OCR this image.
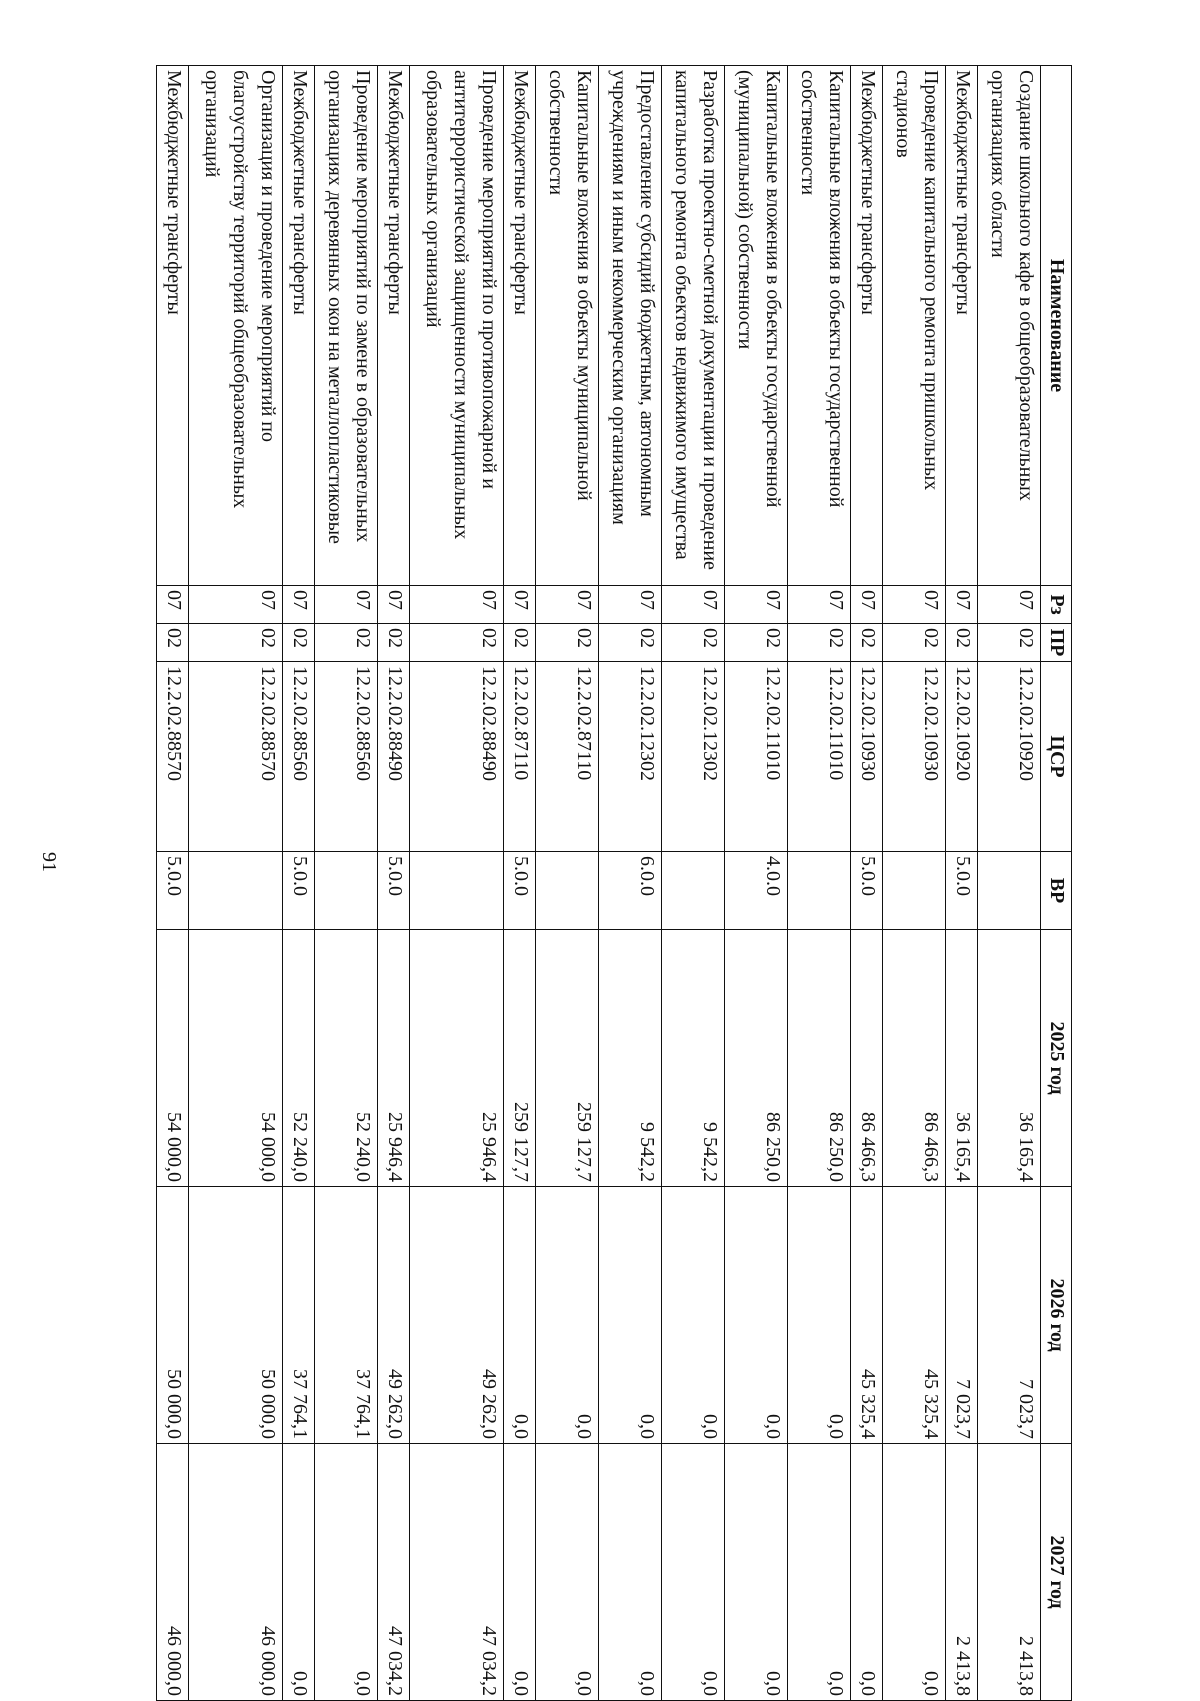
91
Наименование	Рз	ПР	ЦСР	ВР	2025 год	2026 год	2027 год
Создание школьного кафе в общеобразовательных организациях области	07	02	12.2.02.10920		36 165,4	7 023,7	2 413,8
Межбюджетные трансферты	07	02	12.2.02.10920	5.0.0	36 165,4	7 023,7	2 413,8
Проведение капитального ремонта пришкольных стадионов	07	02	12.2.02.10930		86 466,3	45 325,4	0,0
Межбюджетные трансферты	07	02	12.2.02.10930	5.0.0	86 466,3	45 325,4	0,0
Капитальные вложения в объекты государственной собственности	07	02	12.2.02.11010		86 250,0	0,0	0,0
Капитальные вложения в объекты государственной (муниципальной) собственности	07	02	12.2.02.11010	4.0.0	86 250,0	0,0	0,0
Разработка проектно-сметной документации и проведение капитального ремонта объектов недвижимого имущества	07	02	12.2.02.12302		9 542,2	0,0	0,0
Предоставление субсидий бюджетным, автономным учреждениям и иным некоммерческим организациям	07	02	12.2.02.12302	6.0.0	9 542,2	0,0	0,0
Капитальные вложения в объекты муниципальной собственности	07	02	12.2.02.87110		259 127,7	0,0	0,0
Межбюджетные трансферты	07	02	12.2.02.87110	5.0.0	259 127,7	0,0	0,0
Проведение мероприятий по противопожарной и антитеррористической защищенности муниципальных образовательных организаций	07	02	12.2.02.88490		25 946,4	49 262,0	47 034,2
Межбюджетные трансферты	07	02	12.2.02.88490	5.0.0	25 946,4	49 262,0	47 034,2
Проведение мероприятий по замене в образовательных организациях деревянных окон на металлопластиковые	07	02	12.2.02.88560		52 240,0	37 764,1	0,0
Межбюджетные трансферты	07	02	12.2.02.88560	5.0.0	52 240,0	37 764,1	0,0
Организация и проведение мероприятий по благоустройству территорий общеобразовательных организаций	07	02	12.2.02.88570		54 000,0	50 000,0	46 000,0
Межбюджетные трансферты	07	02	12.2.02.88570	5.0.0	54 000,0	50 000,0	46 000,0
